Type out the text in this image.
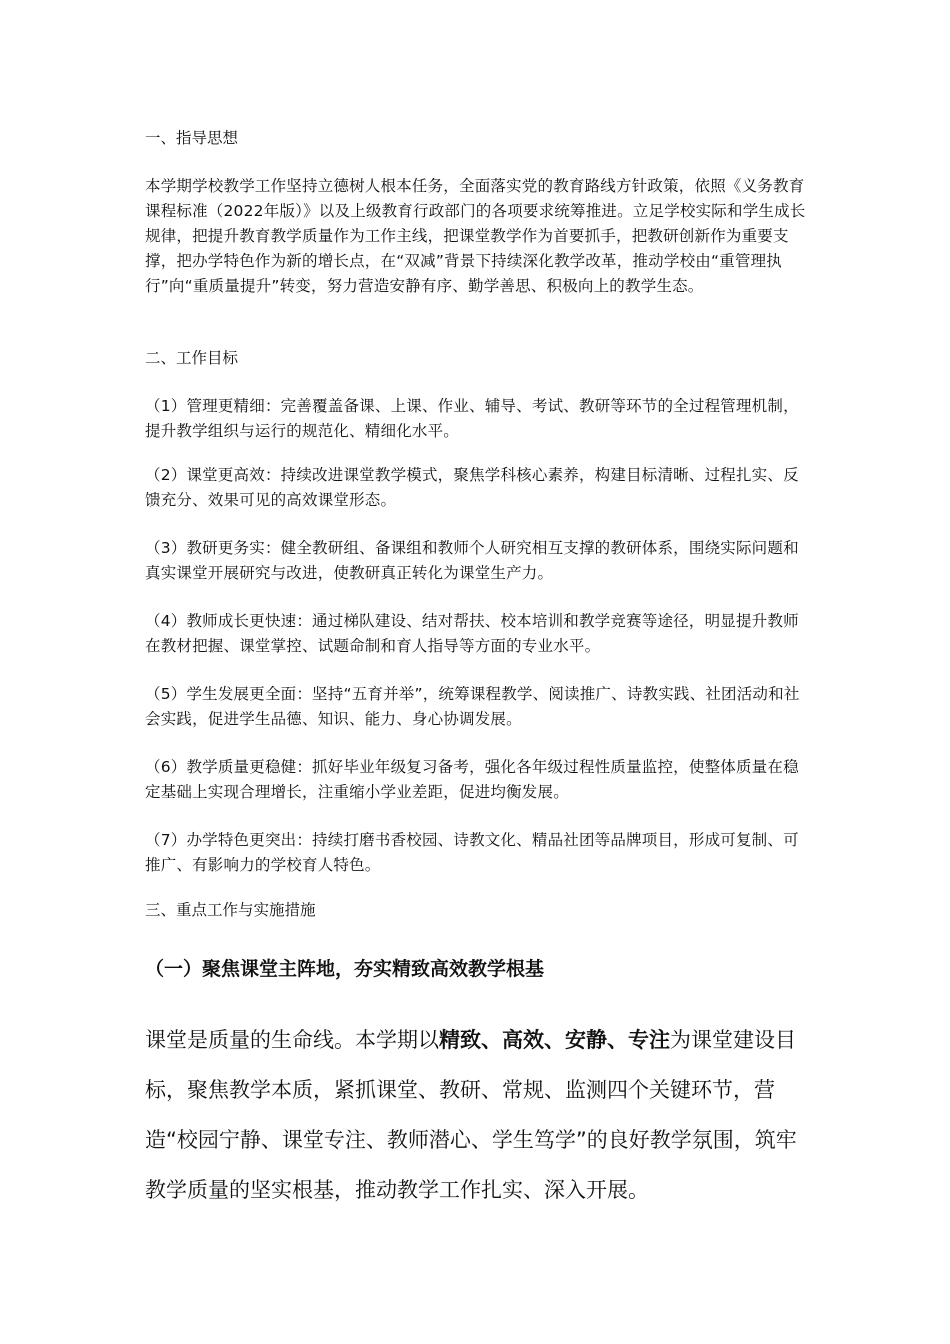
一、指导思想

本学期学校教学工作坚持立德树人根本任务，全面落实党的教育路线方针政策，依照《义务教育课程标准（2022年版）》以及上级教育行政部门的各项要求统筹推进。立足学校实际和学生成长规律，把提升教育教学质量作为工作主线，把课堂教学作为首要抓手，把教研创新作为重要支撑，把办学特色作为新的增长点，在“双减”背景下持续深化教学改革，推动学校由“重管理执行”向“重质量提升”转变，努力营造安静有序、勤学善思、积极向上的教学生态。

二、工作目标

（1）管理更精细：完善覆盖备课、上课、作业、辅导、考试、教研等环节的全过程管理机制，提升教学组织与运行的规范化、精细化水平。

（2）课堂更高效：持续改进课堂教学模式，聚焦学科核心素养，构建目标清晰、过程扎实、反馈充分、效果可见的高效课堂形态。

（3）教研更务实：健全教研组、备课组和教师个人研究相互支撑的教研体系，围绕实际问题和真实课堂开展研究与改进，使教研真正转化为课堂生产力。

（4）教师成长更快速：通过梯队建设、结对帮扶、校本培训和教学竞赛等途径，明显提升教师在教材把握、课堂掌控、试题命制和育人指导等方面的专业水平。

（5）学生发展更全面：坚持“五育并举”，统筹课程教学、阅读推广、诗教实践、社团活动和社会实践，促进学生品德、知识、能力、身心协调发展。

（6）教学质量更稳健：抓好毕业年级复习备考，强化各年级过程性质量监控，使整体质量在稳定基础上实现合理增长，注重缩小学业差距，促进均衡发展。

（7）办学特色更突出：持续打磨书香校园、诗教文化、精品社团等品牌项目，形成可复制、可推广、有影响力的学校育人特色。

三、重点工作与实施措施

（一）聚焦课堂主阵地，夯实精致高效教学根基

课堂是质量的生命线。本学期以精致、高效、安静、专注为课堂建设目标，聚焦教学本质，紧抓课堂、教研、常规、监测四个关键环节，营造“校园宁静、课堂专注、教师潜心、学生笃学”的良好教学氛围，筑牢教学质量的坚实根基，推动教学工作扎实、深入开展。
